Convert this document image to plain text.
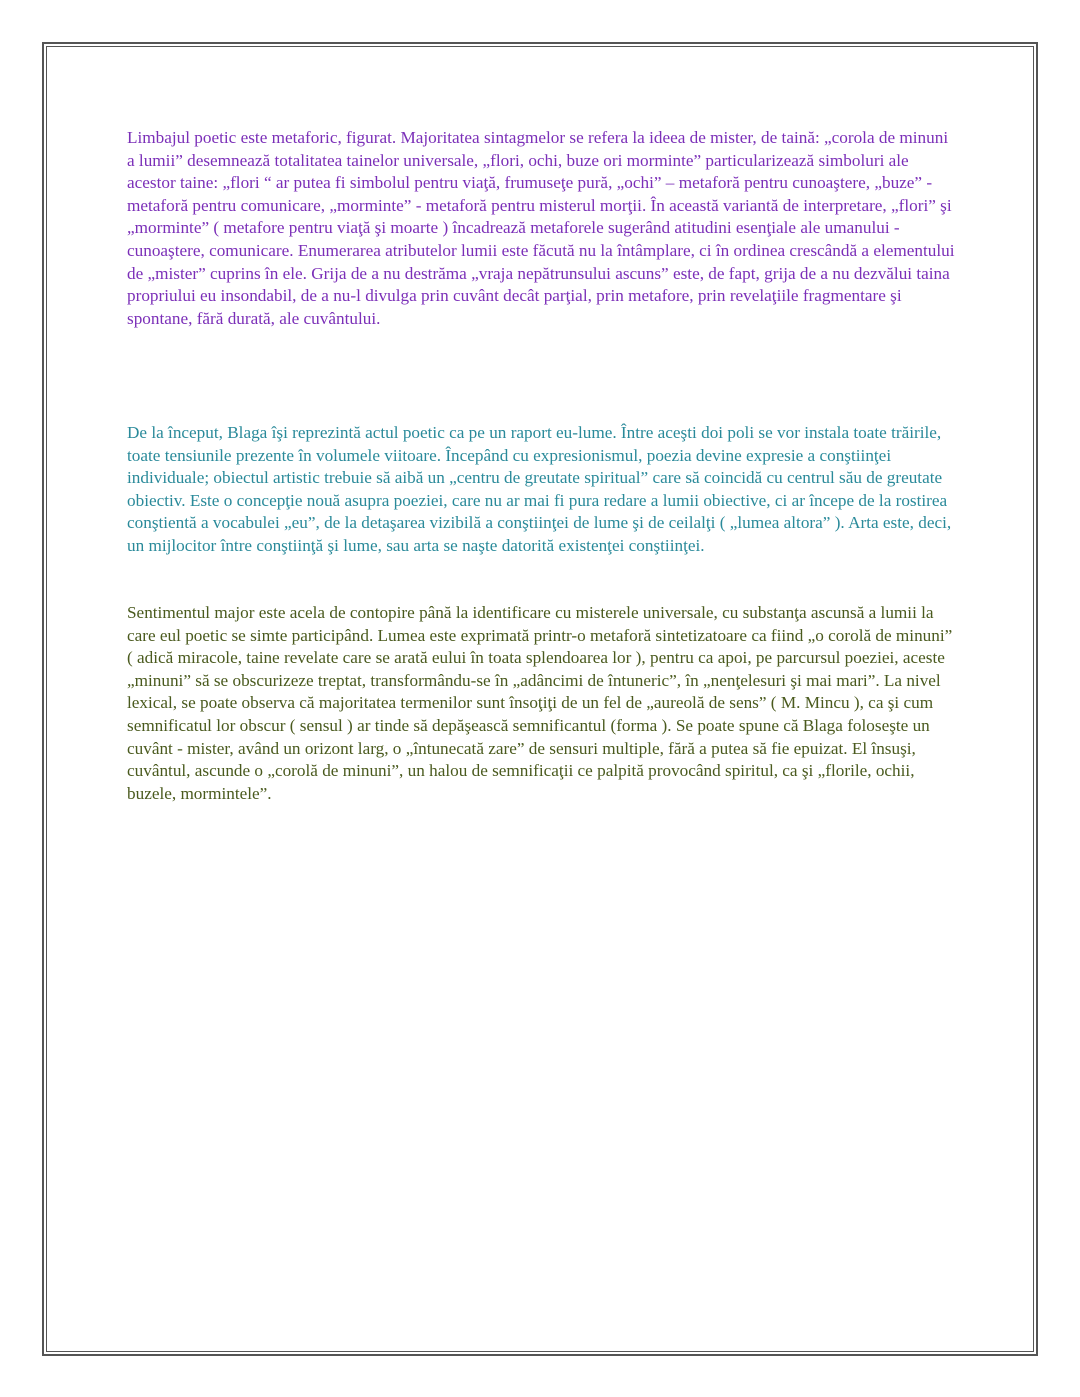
Limbajul poetic este metaforic, figurat. Majoritatea sintagmelor se refera la ideea de mister, de taină: „corola de minuni a lumii” desemnează totalitatea tainelor universale, „flori, ochi, buze ori morminte” particularizează simboluri ale acestor taine: „flori “ ar putea fi simbolul pentru viaţă, frumuseţe pură, „ochi” – metaforă pentru cunoaştere, „buze” - metaforă pentru comunicare, „morminte” - metaforă pentru misterul morţii. În această variantă de interpretare, „flori” şi „morminte” ( metafore pentru viaţă şi moarte ) încadrează metaforele sugerând atitudini esenţiale ale umanului - cunoaştere, comunicare. Enumerarea atributelor lumii este făcută nu la întâmplare, ci în ordinea crescândă a elementului de „mister” cuprins în ele. Grija de a nu destrăma „vraja nepătrunsului ascuns” este, de fapt, grija de a nu dezvălui taina propriului eu insondabil, de a nu-l divulga prin cuvânt decât parţial, prin metafore, prin revelaţiile fragmentare şi spontane, fără durată, ale cuvântului.

De la început, Blaga îşi reprezintă actul poetic ca pe un raport eu-lume. Între aceşti doi poli se vor instala toate trăirile, toate tensiunile prezente în volumele viitoare. Începând cu expresionismul, poezia devine expresie a conştiinţei individuale; obiectul artistic trebuie să aibă un „centru de greutate spiritual” care să coincidă cu centrul său de greutate obiectiv. Este o concepţie nouă asupra poeziei, care nu ar mai fi pura redare a lumii obiective, ci ar începe de la rostirea conştientă a vocabulei „eu”, de la detaşarea vizibilă a conştiinţei de lume şi de ceilalţi ( „lumea altora” ). Arta este, deci, un mijlocitor între conştiinţă şi lume, sau arta se naşte datorită existenţei conştiinţei.

Sentimentul major este acela de contopire până la identificare cu misterele universale, cu substanţa ascunsă a lumii la care eul poetic se simte participând. Lumea este exprimată printr-o metaforă sintetizatoare ca fiind „o corolă de minuni” ( adică miracole, taine revelate care se arată eului în toata splendoarea lor ), pentru ca apoi, pe parcursul poeziei, aceste „minuni” să se obscurizeze treptat, transformându-se în „adâncimi de întuneric”, în „nenţelesuri şi mai mari”. La nivel lexical, se poate observa că majoritatea termenilor sunt însoţiţi de un fel de „aureolă de sens” ( M. Mincu ), ca şi cum semnificatul lor obscur ( sensul ) ar tinde să depăşească semnificantul (forma ). Se poate spune că Blaga foloseşte un cuvânt - mister, având un orizont larg, o „întunecată zare” de sensuri multiple, fără a putea să fie epuizat. El însuşi, cuvântul, ascunde o „corolă de minuni”, un halou de semnificaţii ce palpită provocând spiritul, ca şi „florile, ochii, buzele, mormintele”.
